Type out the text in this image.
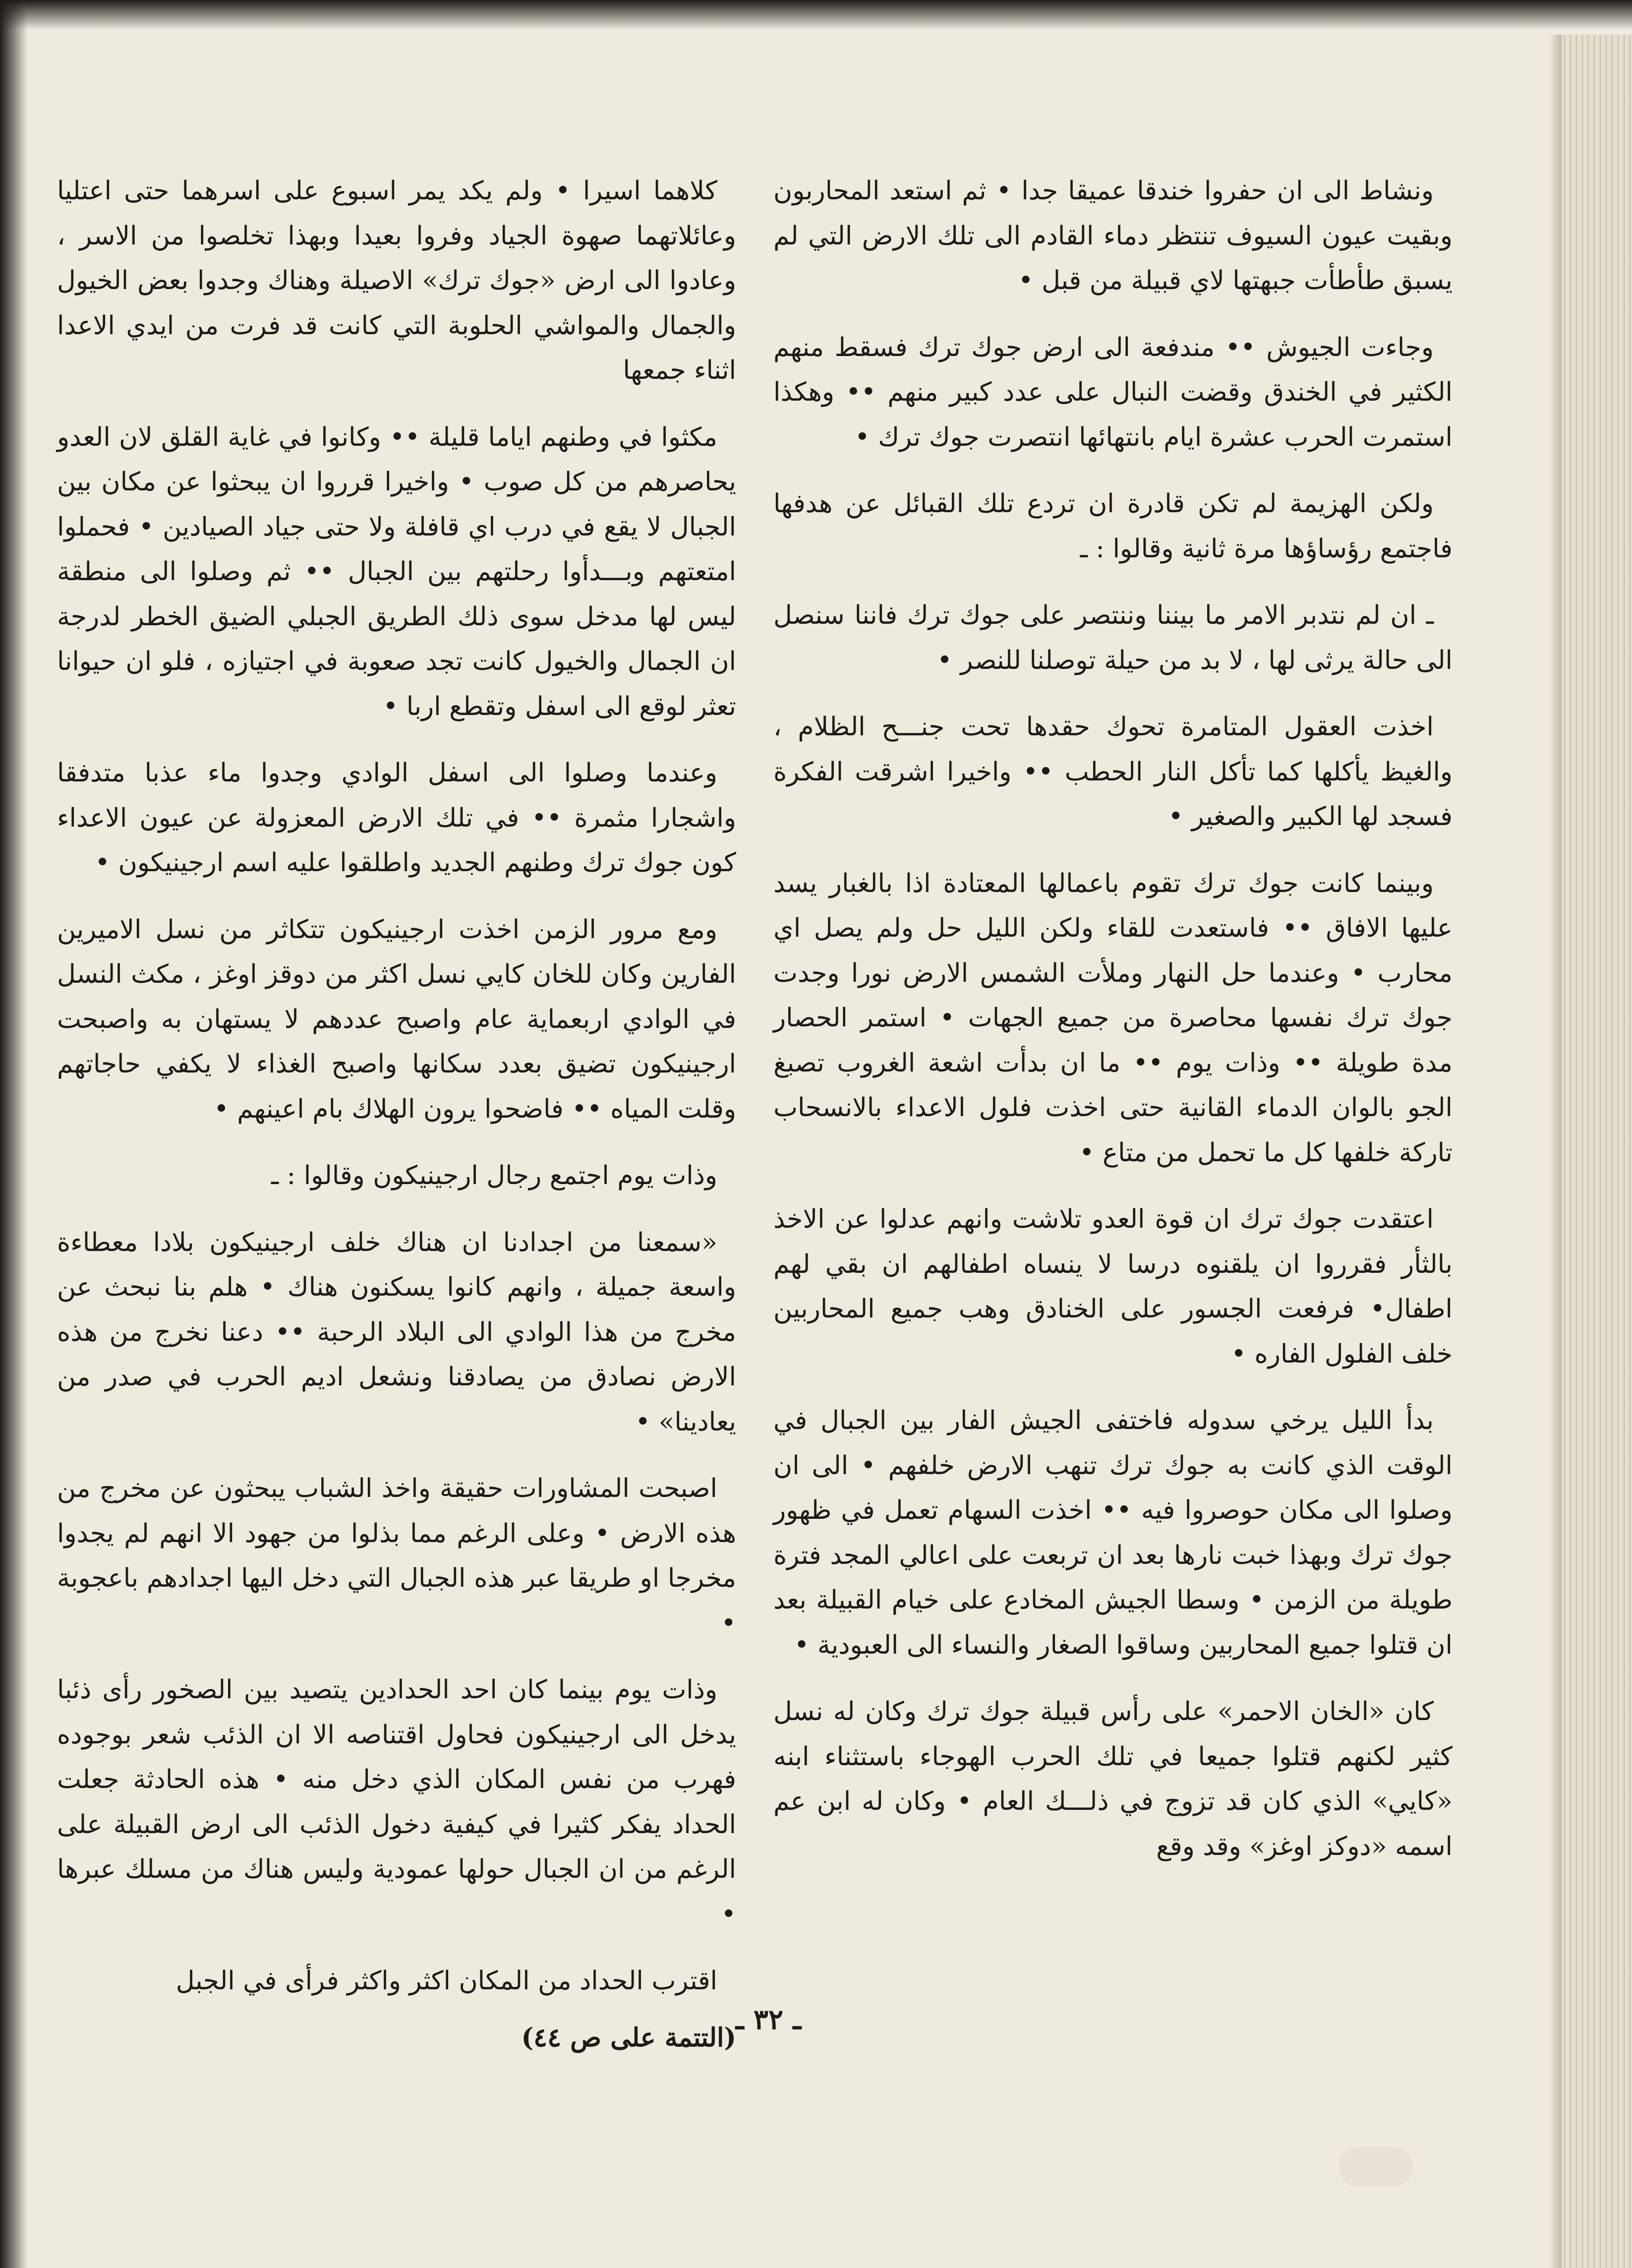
ونشاط الى ان حفروا خندقا عميقا جدا • ثم استعد المحاربون وبقيت عيون السيوف تنتظر دماء القادم الى تلك الارض التي لم يسبق طأطأت جبهتها لاي قبيلة من قبل •

وجاءت الجيوش •• مندفعة الى ارض جوك ترك فسقط منهم الكثير في الخندق وقضت النبال على عدد كبير منهم •• وهكذا استمرت الحرب عشرة ايام بانتهائها انتصرت جوك ترك •

ولكن الهزيمة لم تكن قادرة ان تردع تلك القبائل عن هدفها فاجتمع رؤساؤها مرة ثانية وقالوا : ـ

ـ ان لم نتدبر الامر ما بيننا وننتصر على جوك ترك فاننا سنصل الى حالة يرثى لها ، لا بد من حيلة توصلنا للنصر •

اخذت العقول المتامرة تحوك حقدها تحت جنـــح الظلام ، والغيظ يأكلها كما تأكل النار الحطب •• واخيرا اشرقت الفكرة فسجد لها الكبير والصغير •

وبينما كانت جوك ترك تقوم باعمالها المعتادة اذا بالغبار يسد عليها الافاق •• فاستعدت للقاء ولكن الليل حل ولم يصل اي محارب • وعندما حل النهار وملأت الشمس الارض نورا وجدت جوك ترك نفسها محاصرة من جميع الجهات • استمر الحصار مدة طويلة •• وذات يوم •• ما ان بدأت اشعة الغروب تصبغ الجو بالوان الدماء القانية حتى اخذت فلول الاعداء بالانسحاب تاركة خلفها كل ما تحمل من متاع •

اعتقدت جوك ترك ان قوة العدو تلاشت وانهم عدلوا عن الاخذ بالثأر فقرروا ان يلقنوه درسا لا ينساه اطفالهم ان بقي لهم اطفال• فرفعت الجسور على الخنادق وهب جميع المحاربين خلف الفلول الفاره •

بدأ الليل يرخي سدوله فاختفى الجيش الفار بين الجبال في الوقت الذي كانت به جوك ترك تنهب الارض خلفهم • الى ان وصلوا الى مكان حوصروا فيه •• اخذت السهام تعمل في ظهور جوك ترك وبهذا خبت نارها بعد ان تربعت على اعالي المجد فترة طويلة من الزمن • وسطا الجيش المخادع على خيام القبيلة بعد ان قتلوا جميع المحاربين وساقوا الصغار والنساء الى العبودية •

كان «الخان الاحمر» على رأس قبيلة جوك ترك وكان له نسل كثير لكنهم قتلوا جميعا في تلك الحرب الهوجاء باستثناء ابنه «كايي» الذي كان قد تزوج في ذلـــك العام • وكان له ابن عم اسمه «دوكز اوغز» وقد وقع

كلاهما اسيرا • ولم يكد يمر اسبوع على اسرهما حتى اعتليا وعائلاتهما صهوة الجياد وفروا بعيدا وبهذا تخلصوا من الاسر ، وعادوا الى ارض «جوك ترك» الاصيلة وهناك وجدوا بعض الخيول والجمال والمواشي الحلوبة التي كانت قد فرت من ايدي الاعدا اثناء جمعها

مكثوا في وطنهم اياما قليلة •• وكانوا في غاية القلق لان العدو يحاصرهم من كل صوب • واخيرا قرروا ان يبحثوا عن مكان بين الجبال لا يقع في درب اي قافلة ولا حتى جياد الصيادين • فحملوا امتعتهم وبـــدأوا رحلتهم بين الجبال •• ثم وصلوا الى منطقة ليس لها مدخل سوى ذلك الطريق الجبلي الضيق الخطر لدرجة ان الجمال والخيول كانت تجد صعوبة في اجتيازه ، فلو ان حيوانا تعثر لوقع الى اسفل وتقطع اربا •

وعندما وصلوا الى اسفل الوادي وجدوا ماء عذبا متدفقا واشجارا مثمرة •• في تلك الارض المعزولة عن عيون الاعداء كون جوك ترك وطنهم الجديد واطلقوا عليه اسم ارجينيكون •

ومع مرور الزمن اخذت ارجينيكون تتكاثر من نسل الاميرين الفارين وكان للخان كايي نسل اكثر من دوقز اوغز ، مكث النسل في الوادي اربعماية عام واصبح عددهم لا يستهان به واصبحت ارجينيكون تضيق بعدد سكانها واصبح الغذاء لا يكفي حاجاتهم وقلت المياه •• فاضحوا يرون الهلاك بام اعينهم •

وذات يوم اجتمع رجال ارجينيكون وقالوا : ـ

«سمعنا من اجدادنا ان هناك خلف ارجينيكون بلادا معطاءة واسعة جميلة ، وانهم كانوا يسكنون هناك • هلم بنا نبحث عن مخرج من هذا الوادي الى البلاد الرحبة •• دعنا نخرج من هذه الارض نصادق من يصادقنا ونشعل اديم الحرب في صدر من يعادينا» •

اصبحت المشاورات حقيقة واخذ الشباب يبحثون عن مخرج من هذه الارض • وعلى الرغم مما بذلوا من جهود الا انهم لم يجدوا مخرجا او طريقا عبر هذه الجبال التي دخل اليها اجدادهم باعجوبة •

وذات يوم بينما كان احد الحدادين يتصيد بين الصخور رأى ذئبا يدخل الى ارجينيكون فحاول اقتناصه الا ان الذئب شعر بوجوده فهرب من نفس المكان الذي دخل منه • هذه الحادثة جعلت الحداد يفكر كثيرا في كيفية دخول الذئب الى ارض القبيلة على الرغم من ان الجبال حولها عمودية وليس هناك من مسلك عبرها •

اقترب الحداد من المكان اكثر واكثر فرأى في الجبل

(التتمة على ص ٤٤)
ـ ٣٢ ـ
